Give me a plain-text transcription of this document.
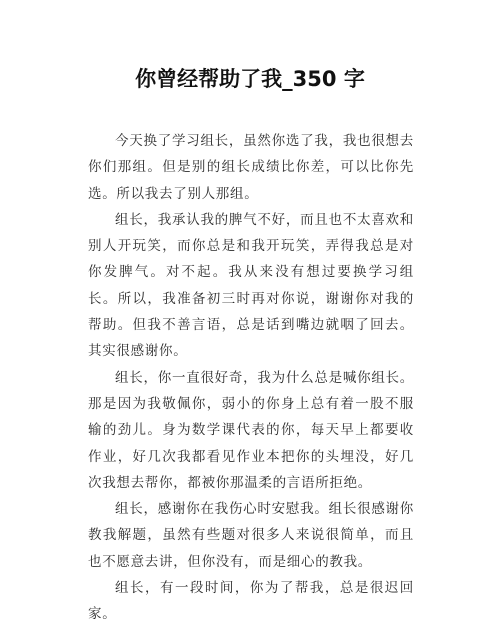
你曾经帮助了我_350 字

今天换了学习组长，虽然你选了我，我也很想去你们那组。但是别的组长成绩比你差，可以比你先选。所以我去了别人那组。

组长，我承认我的脾气不好，而且也不太喜欢和别人开玩笑，而你总是和我开玩笑，弄得我总是对你发脾气。对不起。我从来没有想过要换学习组长。所以，我准备初三时再对你说，谢谢你对我的帮助。但我不善言语，总是话到嘴边就咽了回去。其实很感谢你。

组长，你一直很好奇，我为什么总是喊你组长。那是因为我敬佩你，弱小的你身上总有着一股不服输的劲儿。身为数学课代表的你，每天早上都要收作业，好几次我都看见作业本把你的头埋没，好几次我想去帮你，都被你那温柔的言语所拒绝。

组长，感谢你在我伤心时安慰我。组长很感谢你教我解题，虽然有些题对很多人来说很简单，而且也不愿意去讲，但你没有，而是细心的教我。

组长，有一段时间，你为了帮我，总是很迟回家。
